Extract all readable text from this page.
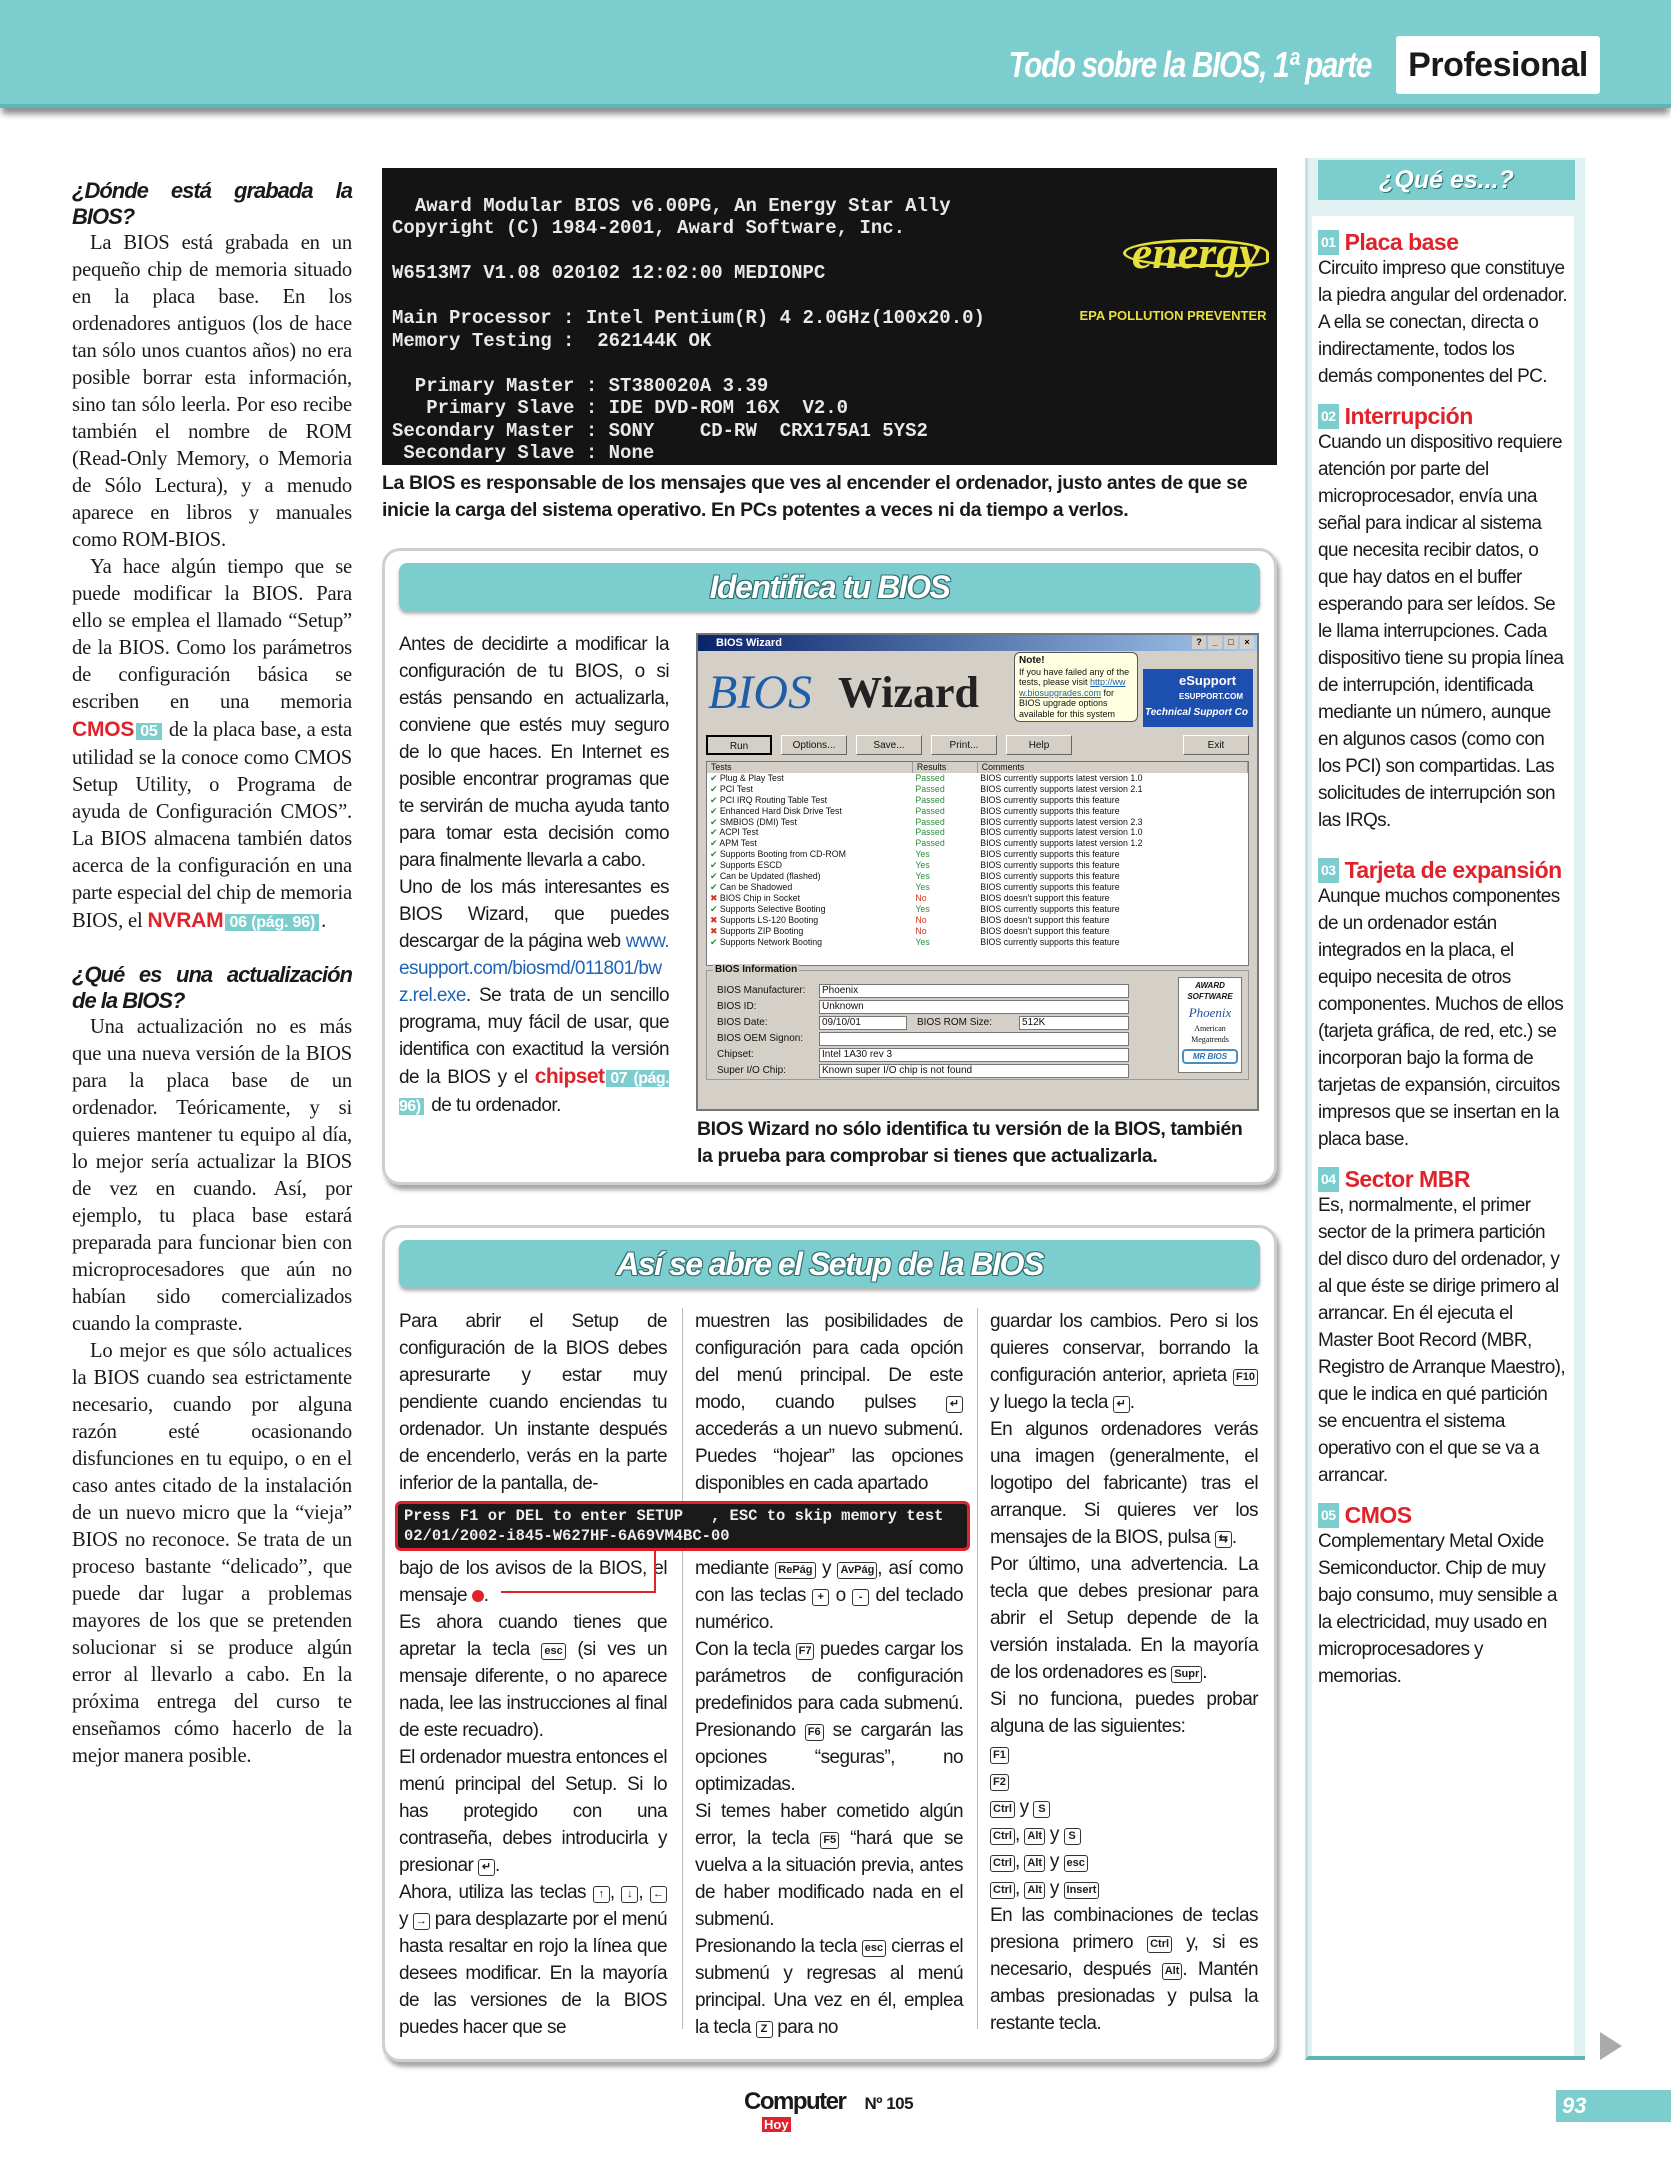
Todo sobre la BIOS, 1ª parte	Profesional
¿Dónde está grabada la BIOS?

La BIOS está grabada en un pequeño chip de memoria situado en la placa base. En los ordenadores antiguos (los de hace tan sólo unos cuantos años) no era posible borrar esta información, sino tan sólo leerla. Por eso recibe también el nombre de ROM (Read-Only Memory, o Memoria de Sólo Lectura), y a menudo aparece en libros y manuales como ROM-BIOS.

Ya hace algún tiempo que se puede modificar la BIOS. Para ello se emplea el llamado “Setup” de la BIOS. Como los parámetros de configuración básica se escriben en una memoria CMOS 05 de la placa base, a esta utilidad se la conoce como CMOS Setup Utility, o Programa de ayuda de Configuración CMOS”. La BIOS almacena también datos acerca de la configuración en una parte especial del chip de memoria BIOS, el NVRAM 06 (pág. 96) .

¿Qué es una actualización de la BIOS?

Una actualización no es más que una nueva versión de la BIOS para la placa base de un ordenador. Teóricamente, y si quieres mantener tu equipo al día, lo mejor sería actualizar la BIOS de vez en cuando. Así, por ejemplo, tu placa base estará preparada para funcionar bien con microprocesadores que aún no habían sido comercializados cuando la compraste.

Lo mejor es que sólo actualices la BIOS cuando sea estrictamente necesario, cuando por alguna razón esté ocasionando disfunciones en tu equipo, o en el caso antes citado de la instalación de un nuevo micro que la “vieja” BIOS no reconoce. Se trata de un proceso bastante “delicado”, que puede dar lugar a problemas mayores de los que se pretenden solucionar si se produce algún error al llevarlo a cabo. En la próxima entrega del curso te enseñamos cómo hacerlo de la mejor manera posible.

Award Modular BIOS v6.00PG, An Energy Star Ally
Copyright (C) 1984-2001, Award Software, Inc.

W6513M7 V1.08 020102 12:02:00 MEDIONPC

Main Processor : Intel Pentium(R) 4 2.0GHz(100x20.0)
Memory Testing :  262144K OK

Primary Master : ST380020A 3.39
Primary Slave : IDE DVD-ROM 16X  V2.0
Secondary Master : SONY    CD-RW  CRX175A1 5YS2
Secondary Slave : None

energy

EPA POLLUTION PREVENTER

La BIOS es responsable de los mensajes que ves al encender el ordenador, justo antes de que se inicie la carga del sistema operativo. En PCs potentes a veces ni da tiempo a verlos.
Identifica tu BIOS

Antes de decidirte a modificar la configuración de tu BIOS, o si estás pensando en actualizarla, conviene que estés muy seguro de lo que haces. En Internet es posible encontrar programas que te servirán de mucha ayuda tanto para tomar esta decisión como para finalmente llevarla a cabo.

Uno de los más interesantes es BIOS Wizard, que puedes descargar de la página web www.esupport.com/biosmd/011801/bwz.rel.exe. Se trata de un sencillo programa, muy fácil de usar, que identifica con exactitud la versión de la BIOS y el chipset 07 (pág. 96) de tu ordenador.

BIOS Wizard	?	_	□	×
BIOS Wizard
Note!
If you have failed any of the tests, please visit http://www.biosupgrades.com for BIOS upgrade options available for this system
eSupport
ESUPPORT.COM
Technical Support Co
Run	Options...	Save...	Print...	Help	Exit
Tests	Results	Comments
✔ Plug & Play Test	Passed	BIOS currently supports latest version 1.0
✔ PCI Test	Passed	BIOS currently supports latest version 2.1
✔ PCI IRQ Routing Table Test	Passed	BIOS currently supports this feature
✔ Enhanced Hard Disk Drive Test	Passed	BIOS currently supports this feature
✔ SMBIOS (DMI) Test	Passed	BIOS currently supports latest version 2.3
✔ ACPI Test	Passed	BIOS currently supports latest version 1.0
✔ APM Test	Passed	BIOS currently supports latest version 1.2
✔ Supports Booting from CD-ROM	Yes	BIOS currently supports this feature
✔ Supports ESCD	Yes	BIOS currently supports this feature
✔ Can be Updated (flashed)	Yes	BIOS currently supports this feature
✔ Can be Shadowed	Yes	BIOS currently supports this feature
✖ BIOS Chip in Socket	No	BIOS doesn't support this feature
✔ Supports Selective Booting	Yes	BIOS currently supports this feature
✖ Supports LS-120 Booting	No	BIOS doesn't support this feature
✖ Supports ZIP Booting	No	BIOS doesn't support this feature
✔ Supports Network Booting	Yes	BIOS currently supports this feature
BIOS Information
BIOS Manufacturer:	Phoenix
BIOS ID:	Unknown
BIOS Date:	09/10/01	BIOS ROM Size:	512K
BIOS OEM Signon:
Chipset:	Intel 1A30 rev 3
Super I/O Chip:	Known super I/O chip is not found
AWARD SOFTWARE
Phoenix
American Megatrends
MR BIOS
BIOS Wizard no sólo identifica tu versión de la BIOS, también la prueba para comprobar si tienes que actualizarla.
Así se abre el Setup de la BIOS
Press F1 or DEL to enter SETUP   , ESC to skip memory test
02/01/2002-i845-W627HF-6A69VM4BC-00

Para abrir el Setup de configuración de la BIOS debes apresurarte y estar muy pendiente cuando enciendas tu ordenador. Un instante después de encenderlo, verás en la parte inferior de la pantalla, de-

bajo de los avisos de la BIOS, el mensaje .

Es ahora cuando tienes que apretar la tecla esc (si ves un mensaje diferente, o no aparece nada, lee las instrucciones al final de este recuadro).

El ordenador muestra entonces el menú principal del Setup. Si lo has protegido con una contraseña, debes introducirla y presionar ↵ .

Ahora, utiliza las teclas ↑ , ↓ , ← y → para desplazarte por el menú hasta resaltar en rojo la línea que desees modificar. En la mayoría de las versiones de la BIOS puedes hacer que se

muestren las posibilidades de configuración para cada opción del menú principal. De este modo, cuando pulses ↵ accederás a un nuevo submenú. Puedes “hojear” las opciones disponibles en cada apartado

mediante RePág y AvPág , así como con las teclas + o - del teclado numérico.

Con la tecla F7 puedes cargar los parámetros de configuración predefinidos para cada submenú. Presionando F6 se cargarán las opciones “seguras”, no optimizadas.

Si temes haber cometido algún error, la tecla F5 “hará que se vuelva a la situación previa, antes de haber modificado nada en el submenú.

Presionando la tecla esc cierras el submenú y regresas al menú principal. Una vez en él, emplea la tecla Z para no

guardar los cambios. Pero si los quieres conservar, borrando la configuración anterior, aprieta F10 y luego la tecla ↵ .

En algunos ordenadores verás una imagen (generalmente, el logotipo del fabricante) tras el arranque. Si quieres ver los mensajes de la BIOS, pulsa ⇆ .

Por último, una advertencia. La tecla que debes presionar para abrir el Setup depende de la versión instalada. En la mayoría de los ordenadores es Supr .

Si no funciona, puedes probar alguna de las siguientes:

F1

F2

Ctrl y S

Ctrl , Alt y S

Ctrl , Alt y esc

Ctrl , Alt y Insert

En las combinaciones de teclas presiona primero Ctrl y, si es necesario, después Alt . Mantén ambas presionadas y pulsa la restante tecla.

¿Qué es...?
01 Placa base

Circuito impreso que constituye la piedra angular del ordenador. A ella se conectan, directa o indirectamente, todos los demás componentes del PC.

02 Interrupción

Cuando un dispositivo requiere atención por parte del microprocesador, envía una señal para indicar al sistema que necesita recibir datos, o que hay datos en el buffer esperando para ser leídos. Se le llama interrupciones. Cada dispositivo tiene su propia línea de interrupción, identificada mediante un número, aunque en algunos casos (como con los PCI) son compartidas. Las solicitudes de interrupción son las IRQs.

03 Tarjeta de expansión

Aunque muchos componentes de un ordenador están integrados en la placa, el equipo necesita de otros componentes. Muchos de ellos (tarjeta gráfica, de red, etc.) se incorporan bajo la forma de tarjetas de expansión, circuitos impresos que se insertan en la placa base.

04 Sector MBR

Es, normalmente, el primer sector de la primera partición del disco duro del ordenador, y al que éste se dirige primero al arrancar. En él ejecuta el Master Boot Record (MBR, Registro de Arranque Maestro), que le indica en qué partición se encuentra el sistema operativo con el que se va a arrancar.

05 CMOS

Complementary Metal Oxide Semiconductor. Chip de muy bajo consumo, muy sensible a la electricidad, muy usado en microprocesadores y memorias.

Computer
Hoy
Nº 105	93
